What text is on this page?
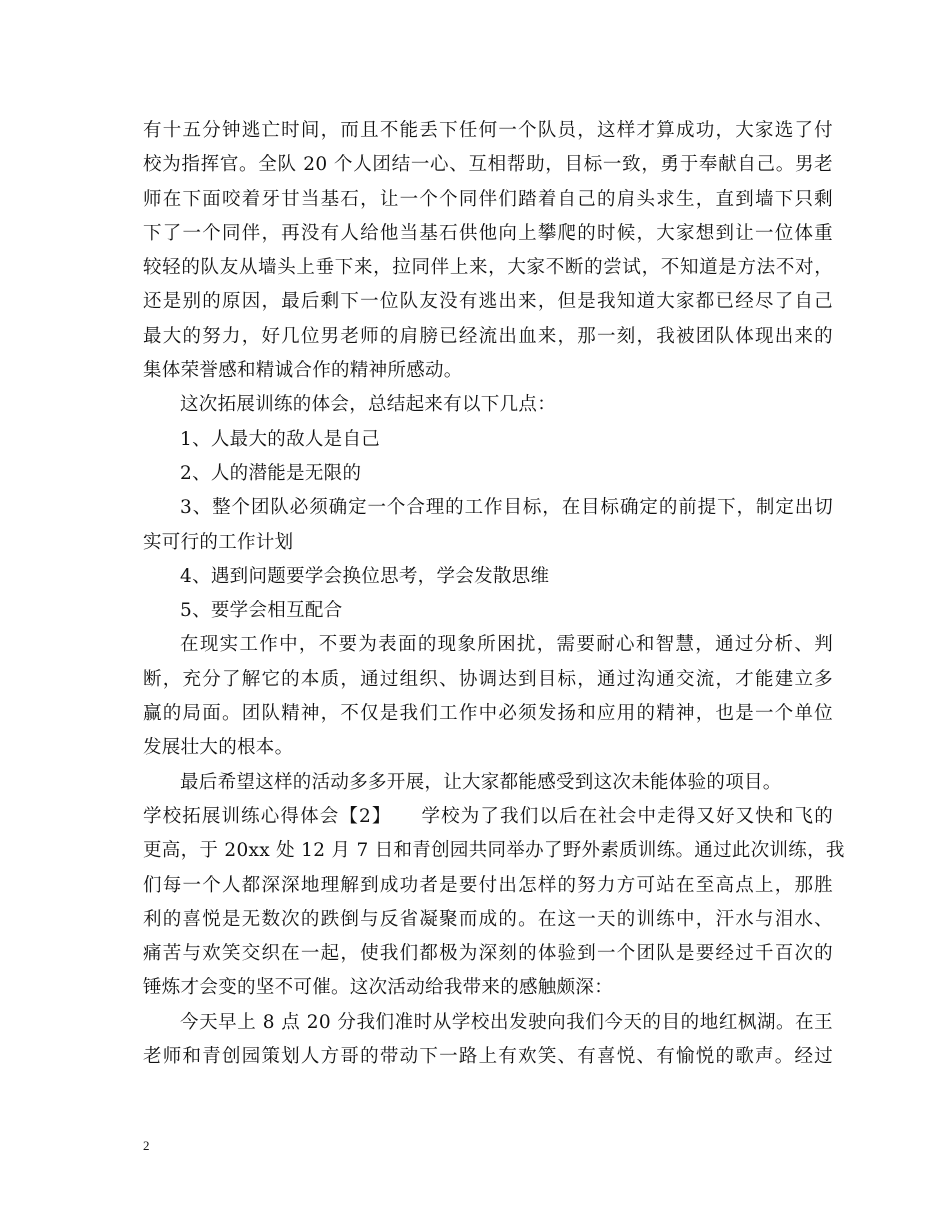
有十五分钟逃亡时间，而且不能丢下任何一个队员，这样才算成功，大家选了付
校为指挥官。全队 20 个人团结一心、互相帮助，目标一致，勇于奉献自己。男老
师在下面咬着牙甘当基石，让一个个同伴们踏着自己的肩头求生，直到墙下只剩
下了一个同伴，再没有人给他当基石供他向上攀爬的时候，大家想到让一位体重
较轻的队友从墙头上垂下来，拉同伴上来，大家不断的尝试，不知道是方法不对，
还是别的原因，最后剩下一位队友没有逃出来，但是我知道大家都已经尽了自己
最大的努力，好几位男老师的肩膀已经流出血来，那一刻，我被团队体现出来的
集体荣誉感和精诚合作的精神所感动。
这次拓展训练的体会，总结起来有以下几点：
1、人最大的敌人是自己
2、人的潜能是无限的
3、整个团队必须确定一个合理的工作目标，在目标确定的前提下，制定出切
实可行的工作计划
4、遇到问题要学会换位思考，学会发散思维
5、要学会相互配合
在现实工作中，不要为表面的现象所困扰，需要耐心和智慧，通过分析、判
断，充分了解它的本质，通过组织、协调达到目标，通过沟通交流，才能建立多
赢的局面。团队精神，不仅是我们工作中必须发扬和应用的精神，也是一个单位
发展壮大的根本。
最后希望这样的活动多多开展，让大家都能感受到这次未能体验的项目。
学校拓展训练心得体会【2】　　学校为了我们以后在社会中走得又好又快和飞的
更高，于 20xx 处 12 月 7 日和青创园共同举办了野外素质训练。通过此次训练，我
们每一个人都深深地理解到成功者是要付出怎样的努力方可站在至高点上，那胜
利的喜悦是无数次的跌倒与反省凝聚而成的。在这一天的训练中，汗水与泪水、
痛苦与欢笑交织在一起，使我们都极为深刻的体验到一个团队是要经过千百次的
锤炼才会变的坚不可催。这次活动给我带来的感触颇深：
今天早上 8 点 20 分我们准时从学校出发驶向我们今天的目的地红枫湖。在王
老师和青创园策划人方哥的带动下一路上有欢笑、有喜悦、有愉悦的歌声。经过
2
